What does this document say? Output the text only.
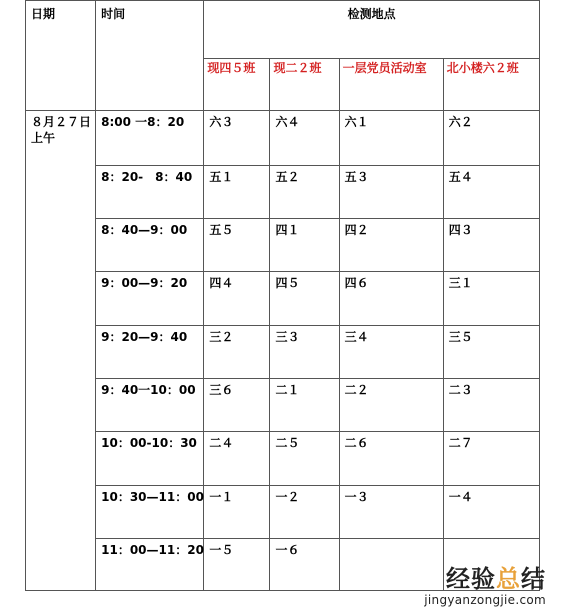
日期	时间	检测地点			

		现四５班	现二２班	一层党员活动室	北小楼六２班

８月２７日上午	8:00 一8：20	六３	六４	六１	六２

	8：20-　8：40	五１	五２	五３	五４

	8：40—9：00	五５	四１	四２	四３

	9：00—9：20	四４	四５	四６	三１

	9：20—9：40	三２	三３	三４	三５

	9：40一10：00	三６	二１	二２	二３

	10：00-10：30	二４	二５	二６	二７

	10：30—11：00	一１	一２	一３	一４

	11：00—11：20	一５	一６		

经验总结
jingyanzongjie.com
